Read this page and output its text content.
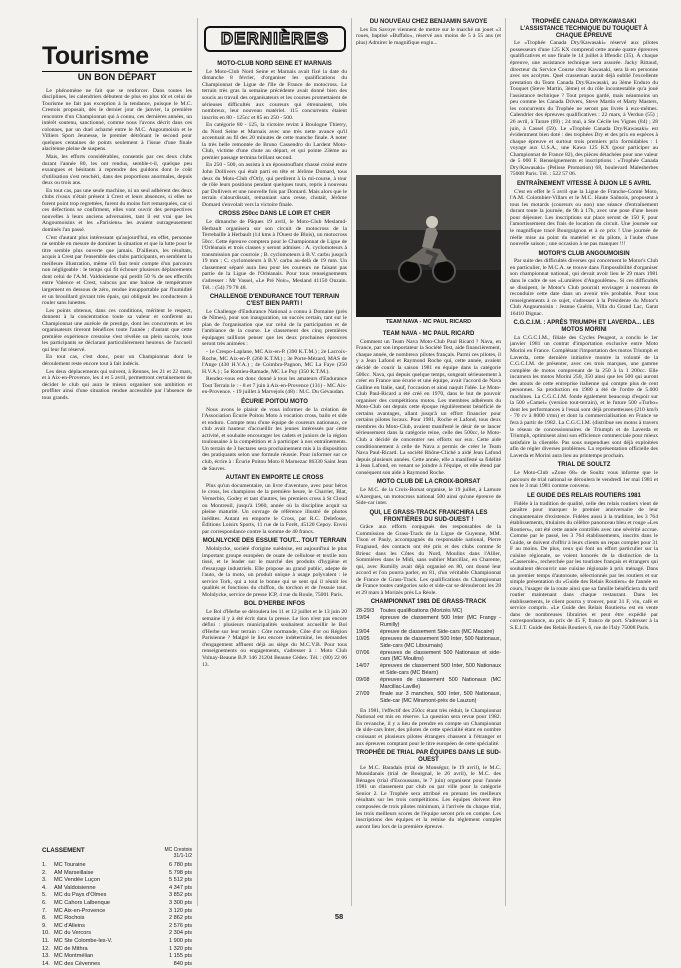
Tourisme
UN BON DÉPART

Le phénomène ne fait que se renforcer. Dans toutes les disciplines, les calendriers débutent de plus en plus tôt et celui de Tourisme ne fait pas exception à la tendance, puisque le M.C. Crestois proposait, dès le dernier jour de janvier, la première rencontre d'un Championnat qui à connu, ces dernières années, un intérêt soutenu, sanctionné, comme nous l'avons décrit dans ces colonnes, par un duel acharné entre le M.C. Angoumoisin et le Villiers Sport Jeunesse, le premier détrônant le second pour quelques centaines de points seulement à l'issue d'une finale alacitenne pleine de suspens.

Mais, les efforts considérables, consentis par ces deux clubs durant l'année 80, les ont rendus, semble-t-il, quelque peu exsangues et hésitants à reprendre des guidons dont le coût d'utilisation s'est renchéri, dans des proportions anormales, depuis deux ou trois ans.

En tout cas, pas une seule machine, ni un seul adhérent des deux clubs rivaux n'était présent à Crest et leurs absences, si elles ne furent point trop regrettées, furent du moins fort remarquées, car si ces défections se confirment, elles vont ouvrir des perspectives nouvelles à leurs anciens adversaires, tant il est vrai que les Angoumoisins et les «Parisiens» les avaient outrageusement dominés l'an passé.

C'est d'autant plus intéressant qu'aujourd'hui, en effet, personne ne semble en mesure de dominer la situation et que la lutte pour le titre semble plus ouverte que jamais. D'ailleurs, les résultats, acquis à Crest par l'ensemble des clubs participants, en semblent la meilleure illustration, même s'il faut tenir compte d'un parcours non négligeable : le temps qui fit échouer plusieurs déplacements dont celui de l'A.M. Valdoisienne qui perdit 50 % de ses effectifs entre Valence et Crest, vaincus par une baisse de température largement en dessous de zéro, rendue insupportable par l'humidité et un brouillard givrant très épais, qui obligeait les conducteurs à rouler sans lunettes.

Les points obtenus, dans ces conditions, méritent le respect, donnent à la concentration toute sa valeur et confèrent au Championnat une auréole de prestige, dont les concurrents et les organisateurs tireront bénéfices toute l'année ; d'autant que cette première expérience crestoise s'est révélée un plein succès, tous les participants se déclarant particulièrement heureux de l'accueil qui leur fut réservé.

En tout cas, c'est donc, pour un Championnat dont le déroulement reste encore tout à fait indécis.

Les deux déplacements qui suivent, à Rennes, les 21 et 22 mars, et à Aix-en-Provence, les 4 et 5 avril, permettront certainement de décider le club qui aura le mieux organiser son ambition et proffiter ainsi d'une situation rendue accessible par l'absence de tous grands.

CLASSEMENT	MC Crestois 31/1-1/2
1.	MC Touraine	6 780 pts
2.	AM Marseillaise	5 798 pts
3.	MC Vendée Luçon	5 512 pts
4.	AM Valdoisienne	4 347 pts
5.	MC du Pays d'Olmes	3 852 pts
6.	MC Cahors Lalbenque	3 300 pts
7.	MC Aix-en-Provence	3 120 pts
8.	MC Rochois	2 862 pts
9.	MC d'Alleins	2 576 pts
10.	MC du Vercors	2 304 pts
11.	MC Ste Colombe-les-V.	1 900 pts
12.	MC de Mithra	1 320 pts
13.	MC Montmélian	1 155 pts
14.	MC des Cévennes	840 pts
DERNIÈRES
MOTO-CLUB NORD SEINE ET MARNAIS

Le Moto-Club Nord Seine et Marnais avait fixé la date du dimanche 8 février, d'organiser les qualifications du Championnat de Ligue de l'Ile de France de motocross. Le terrain très gras la semaine précédente avait donné bien des soucis au travail des organisateurs et les courses promettaient de sérieuses difficultés aux coureurs qui étrennaient, très nombreux, leur nouveau matériel. 115 concurrents étaient inscrits en 80 - 125cc et 85 en 250 - 500.

En catégorie 80 - 125, la victoire revint à Boulogne Thierry, du Nord Seine et Marnais avec une très nette avance qu'il accentuait au fil des 20 minutes de cette manche finale. A noter la très belle remontée de Bruno Cassendro du Lardent Moto-Club, victime d'une chute au départ, et qui pointe 23ème au premier passage termina brillant second.

En 250 - 500, on assista à un époustouflant chassé croisé entre John Dollivers qui était parti en tête et Jérôme Domard, tous deux du Moto-Club d'Orly, qui perdirent à la mi-course, à tour de rôle leurs positions pendant quelques tours, repris à nouveau par Dollivers et une nouvelle fois par Domard. Mais alors que le terrain s'alourdissait, remaniant sans cesse, chutait, Jérôme Domard s'envolait vers la victoire finale.

CROSS 250cc DANS LE LOIR ET CHER

Le dimanche de Pâques 19 avril, le Moto-Club Meslamd-Herbault organisera sur son circuit de motocross de la Terrebaille à Herbault (14 kms à l'Ouest de Blois), un motocross 50cc. Cette épreuve comptera pour le Championnat de Ligue de l'Orléanais et trois classes y seront admises : A. cyclomoteurs à transmission par courroie ; B. cyclomoteurs à B.V. carbu jusqu'à 19 mm ; C. cyclomoteurs à B.V. carbu au-delà de 19 mm. Un classement séparé aura lieu pour les coureurs ne faisant pas partie de la Ligue de l'Orléanais. Pour tous renseignements s'adresser : Mr Vassel, «Le Pré Noir», Mesland 41150 Onzain. Tél. : (54) 79 78 48.

CHALLENGE D'ENDURANCE TOUT TERRAIN C'EST BIEN PARTI !

Le Challenge d'Endurance National a connu à Domaine (près de Nîmes), pour son inauguration, un succès certain, tant sur le plan de l'organisation que sur celui de la participation et de l'ambiance de la course. Le classement des cinq premières équipages taillions penser que les deux prochaines épreuves seront très animées :

- 1e Crespo-Laplane, MC Aix-en-P. (390 K.T.M.) ; 2e Lacroix-Roche, MC Aix-en-P. (260 K.T.M.) ; 3e Porte-Mézard, MAS de l'Ange (430 H.V.A.) ; 4e Coimbra-Pagnon, MC La Faye (250 H.V.A.) ; 5e Romieu-Ramade, MC Le Puy (350 K.T.M.).

Rendez-vous est donc donné à tous les amateurs d'Endurance Tout Terrain le : - 8 et 7 juin à Aix-en-Provence (131) - MC Aix-en-Provence. - 19 juillet à Marvejols (48) : M.C. Du Gévaudan.

ÉCURIE POITOU MOTO

Nous avons le plaisir de vous informer de la création de l'Association Écurie Poitou Moto à vocation cross, bailo et side et enduro. Compte tenu d'une équipe de coureurs nationaux, ce club avait hauteur d'accueillir les jeunes intéressés par cette activité, et souhaite encourager les cadets et juniors de la région toulousaine à la compétition et à participer à nos entraînements. Un terrain de 3 hectares sera prochainement mis à la disposition des pratiquants selon une formule réussie. Pour informer sur ce club, écrire à : Écurie Poitou Moto 8 Marnezac 86330 Saint Jean de Sauves.

AUTANT EN EMPORTE LE CROSS

Plus qu'un documentaire, un livre d'aventure, avec pour héros le cross, les champions de la première heure, le Charrier, Blat, Vernerbio, Godey et tant d'autres, les premiers cross à St Cloud ou Montreuil, jusqu'à 1960, année où la discipline acquit sa pleine maturité. Un ouvrage de référence illustré de photos inédites. Autant en emporte le Cross, par R.C. Delefosse, Éditions Loisirs Sports, 11 rue de la Forêt, 45120 Cepoy. Envoi par correspondance contre la somme de 40 francs.

MOLNLYCKE DES ESSUIE TOUT... TOUT TERRAIN

Molnlycke, société d'origine suédoise, est aujourd'hui le plus important groupe européen de ouate de cellulose et textile non tissé, et le leader sur le marché des produits d'hygiène et d'essuyage industriels. Elle propose au grand public, adepte de l'auto, de la moto, un produit unique à usage polyvalent : le service Tork, qui a tout le bonne qui se sent qui il réunit les qualités et fonctions du chiffon, du torchon et de l'essuie tout. Molnlycke, service de presse ICP, 4 rue du Roule, 75001 Paris.

BOL D'HERBE INFOS

Le Bol d'Herbe se déroulera les 11 et 12 juillet et le 13 juin 20 semaine il y à été écrit dans la presse. Le lion n'est pas encore défini : plusieurs municipalités souhaitent accueillir le Bol d'Herbe sur leur terrain : Côte normande, Côte d'or ou Région Parisienne ? Malgré le lieu encore indéterminé, les demandes d'engagement affluent déjà au siège du M.C.V.B. Pour tous renseignements ou engagements, s'adresser à : Moto Club Volnay-Beaune B.P. 146 21204 Beaune Cédex. Tél. : (80) 22 06 13.

DU NOUVEAU CHEZ BENJAMIN SAVOYE

Les Ets Savoye viennent de mettre sur le marché un jouet «3 roues, baptisé «Buffalo», réservé aux moins de 5 à 55 ans (et plus) Admirer le magnifique engin...

TEAM NAVA - MC PAUL RICARD
TEAM NAVA - MC PAUL RICARD

Comment un Team Nava Moto-Club Paul Ricard ? Nava, en France, par son importateur la Société Test, aide financièrement, chaque année, de nombreux pilotes français. Parmi ces pilotes, il y a Jean Lafond et Raymond Roche qui, cette année, avaient décidé de courir la saison 1981 en équipe dans la catégorie 500cc. Nava, qui depuis quelque temps, songeait sérieusement à créer en France une écurie et une équipe, avait l'accord de Nava Galline en Italie, sauf, l'occasion et ainsi naquit l'idée. Le Moto-Club Paul-Ricard a été créé en 1970, dans le but de pouvoir organiser des compétitions motos. Les membres adhérents du Moto-Club ont depuis cette époque régulièrement bénéficié de certains avantages, allant jusqu'à un effort financier pour certains pilotes locaux. Pour 1981, Roche et Lafond, tous deux membres du Moto-Club, avaient manifesté le désir de se lancer sérieusement dans la catégorie reine, celle des 500cc, le Moto-Club a décidé de concentrer ses efforts sur eux. Cette aide conditionnement à celle de Nava a permis de créer le Team Nava Paul-Ricard. La société Rhône-Cliché a aidé Jean Lafond depuis plusieurs années. Cette année, elle a manifesté sa fidélité à Jean Lafond, en venant se joindre à l'équipe, et elle étend par conséquent son aide à Raymond Roche.

MOTO CLUB DE LA CROIX-BORSAT

Le M.C. de la Croix-Borsat organise, le 19 juillet, à Lamure s/Azergues, un motocross national 500 ainsi qu'une épreuve de Side-car inter.

QUI, LE GRASS-TRACK FRANCHIRA LES FRONTIÈRES DU SUD-OUEST !

Grâce aux efforts conjugués des responsables de la Commission de Grass-Track de la Ligue de Guyenne, MM. Tison et Pauly, accompagnés du responsable national, Pierre Fragnaud, des contacts ont été pris et des clubs comme St Brieuc dans les Côtes du Nord, Moulins dans l'Allier, Sommières dans le Midi, sans oublier Marcillac, en Charente, qui, avec Rumilly avait déjà organisé en 80, ont donné leur accord et l'on pourra parler, en 81, d'un véritable Championnat de France de Grass-Track. Les qualifications du Championnat de France toutes catégories solo et side-car se dérouleront les 28 et 29 mars à Morizès près La Réole.

CHAMPIONNAT 1981 DE GRASS-TRACK
28-29/3	Toutes qualifications (Morizès MC)
19/04	épreuve de classement 500 Inter (MC Frangy - Rumilly)
19/04	épreuve de classement Side-cars (MC Macaire)
10/05	épreuves de classement 500 Inter, 500 Nationaux, Side-cars (MC Libournais)
07/06	épreuves de classement 500 Nationaux et side-cars (MC Moulins)
14/07	épreuves de classement 500 Inter, 500 Nationaux et Side-cars (MC Béarn)
09/08	épreuves de classement 500 Nationaux (MC Marcillac-Laville)
27/09	finale sur 3 manches, 500 Inter, 500 Nationaux, Side-car (MC Miramont-près de Lauzun)

En 1981, l'effectif des 250cc étant très réduit, le Championnat National est mis en réserve. La question sera revue pour 1982. En revanche, il y a lieu de prendre en compte un Championnat de side-cars Inter, des pilotes de cette spécialité étant en nombre croissant et plusieurs pilotes étrangers chassent à l'étranger et aux épreuves comptant pour le titre européen de cette spécialité.

TROPHÉE DE TRIAL PAR ÉQUIPES DANS LE SUD-OUEST

Le M.C. Baradais (trial de Monségur, le 19 avril), le M.C. Mussidanais (trial de Bourgnal, le 26 avril), le M.C. des Bénages (trial d'Escoussans, le 7 juin) organisent pour l'année 1981 un classement par club ou par ville pour la catégorie Senior 2. Le Trophée sera attribué en prenant les meilleurs résultats sur les trois compétitions. Les équipes doivent être composées de trois pilotes minimum, à l'arrivée du chaque trial, les trois meilleurs scores de l'équipe seront pris en compte. Les inscriptions des équipes et la remise du règlement complet auront lieu lors de la première épreuve.

TROPHÉE CANADA DRY/KAWASAKI L'ASSISTANCE TECHNIQUE DU TOUQUET À CHAQUE ÉPREUVE

Le «Trophée Canada Dry/Kawasaki» réservé aux pilotes possesseurs d'une 125 KX comprend cette année quatre épreuves qualificatives et une finale le 14 juillet à Iffendic (35). À chaque épreuve, une assistance technique sera assurée. Jacky Rittaud, directeur du Service Course chez Kawasaki, sera là en personne avec ses acolytes. Quel crasseman aurait déjà oublié l'excellente prestation du Team Canada Dry/Kawasaki, au 3ème Enduro du Touquet (Steve Martin, 3ème) et du rôle incontestable qu'a joué l'assistance technique ? Tout propos gardé, mais néanmoins un peu comme les Canada Drivers, Steve Martin et Marty Masters, les concurrents du Trophée ne seront pas livrés à eux-mêmes. Calendrier des épreuves qualificatives : 22 mars, à Verdun (55) ; 26 avril, à Tarare (69) ; 24 mai, à Ste Cécile les Vignes (84) ; 28 juin, à Cassel (59). Le «Trophée Canada Dry/Kawasaki» est évidemment bien doté : des trophées Dry et des prix en espèces à chaque épreuve et surtout trois premiers prix formidables : 1 voyage aux U.S.A., une Kawa 125 KX (pour participer au Championnat de France 82), des pièces détachées pour une valeur de 5 000 F. Renseignements et inscriptions : «Trophée Canada Dry/Kawasaki» (Pelisse Promotion) 68, boulevard Malesherbes 75008 Paris. Tél. : 522 57 06.

ENTRAÎNEMENT VITESSE À DIJON LE 5 AVRIL

C'est en effet le 5 avril que la Ligue de Franche-Comté Moto, l'A.M. Colombier-Villars et le M.C. Haute Saônois, proposent à tous les motards (coureurs ou non) une séance d'entraînement durant toute la journée, de 9h à 17h, avec une pose d'une heure pour déjeuner. Les inscriptions sur place seront de 150 F, pour l'amortissement des frais de location du circuit. Une journée sur le magnifique tracé Bourguignon et à ce prix ! Une journée de réelle mise au point du matériel et du pilote, à l'aube d'une nouvelle saison ; une occasion à ne pas manquer !!!

MOTOR'S CLUB ANGOUMOISIN

Par suite des difficultés diverses qui concernent le Motor's Club en particulier, le M.C.A. se trouve dans l'impossibilité d'organiser son championnat national, qui devait avoir lieu le 29 mars 1981 dans le cadre de ses «Lumières d'Angoulême». Si ces difficultés se dissipent, le Motor's Club pourrait envisager à nouveau de reconduire cette date dans un avenir très probable. Pour tous renseignements à ce sujet, s'adresser à la Présidente du Motor's Club Angoumoisin : Jeanne Guérin, Villa du Grand Lac, Garat 16410 Dignac.

C.G.C.I.M. : APRÈS TRIUMPH ET LAVERDA... LES MOTOS MORINI

La C.G.C.I.M., filiale des Cycles Peugeot, a conclu le 1er janvier 1981 un contrat d'importation exclusive entre Moto Morini en France. Complétant l'importation des motos Triumph et Laverda, cette dernière initiative montre la volonté de la C.G.C.I.M. de présenter, avec ces trois marques, une gamme complète de motos comprenant de la 250 à la 1 200cc. Elle incarnera les motos Morini 250, 350 ainsi que les 500 qui auront des atouts de cette entreprise italienne qui compte plus de cent personnes. Sa production en 1980 a été de l'ordre de 5.000 machines. La C.G.C.I.M. fonde également beaucoup d'espoir sur la 500 «Camel» (version tout-terrain), et le future 500 «Turbo» dont les performances à l'essai sont déjà prometteuses (210 km/h - 70 cv à 8000 t/mn) et dont la commercialisation en France se fera à partir de 1982. La C.G.C.I.M. (distribue ses motos à travers le réseau de concessionnaires de Triumph et de Laverda et Triumph, optimisent ainsi son efficience commerciale pour mieux satisfaire la clientèle. Pas sous suspendues sont déjà exploitées afin de régler diverses problèmes. La représentation officielle des Laverda et Morini aura lieu au printemps prochain.

TRIAL DE SOULTZ

Le Moto-Club «Zone 68» de Soultz vous informe que le parcours de trial national se déroulera le vendredi 1er mai 1981 et non le 3 mai 1981 comme convenu.

LE GUIDE DES RELAIS ROUTIERS 1981

Fidèle à la tradition de qualité, celle des relais routiers vient de paraître pour marquer le premier anniversaire de leur cinquantenaire d'existence. Fidèles aussi à la tradition, les 3 764 établissements, titulaires du célèbre panonceau bleu et rouge «Les Routiers», ont été cette année contrôlés avec une sévérité accrue. Comme par le passé, les 3 764 établissements, inscrits dans le Guide, se doivent d'offrir à leurs clients un repas complet pour 31 F au moins. De plus, ceux qui font un effort particulier sur la cuisine régionale, se voient honorés de la distinction de la «Casserole», recherchée par les touristes français et étrangers qui souhaitent découvrir une cuisine régionale à prix ménagé. Dans un premier temps d'autoroute, sélectionnés par les routiers et sur simple présentation du «Guide des Relais Routiers» de l'année en cours, l'usager de la route ainsi que sa famille bénéficiera du tarif routier maintenant dans chaque restaurant. Dans les établissements, le client pourra y trouver, pour 31 F, vin, café et service compris. «Le Guide des Relais Routiers» est en vente dans de nombreuses librairies et peut être expédié par correspondance, au prix de 45 F, franco de port. S'adresser à la S.E.J.T. Guide des Relais Routiers 6, rue de l'Isly 75008 Paris.

58
